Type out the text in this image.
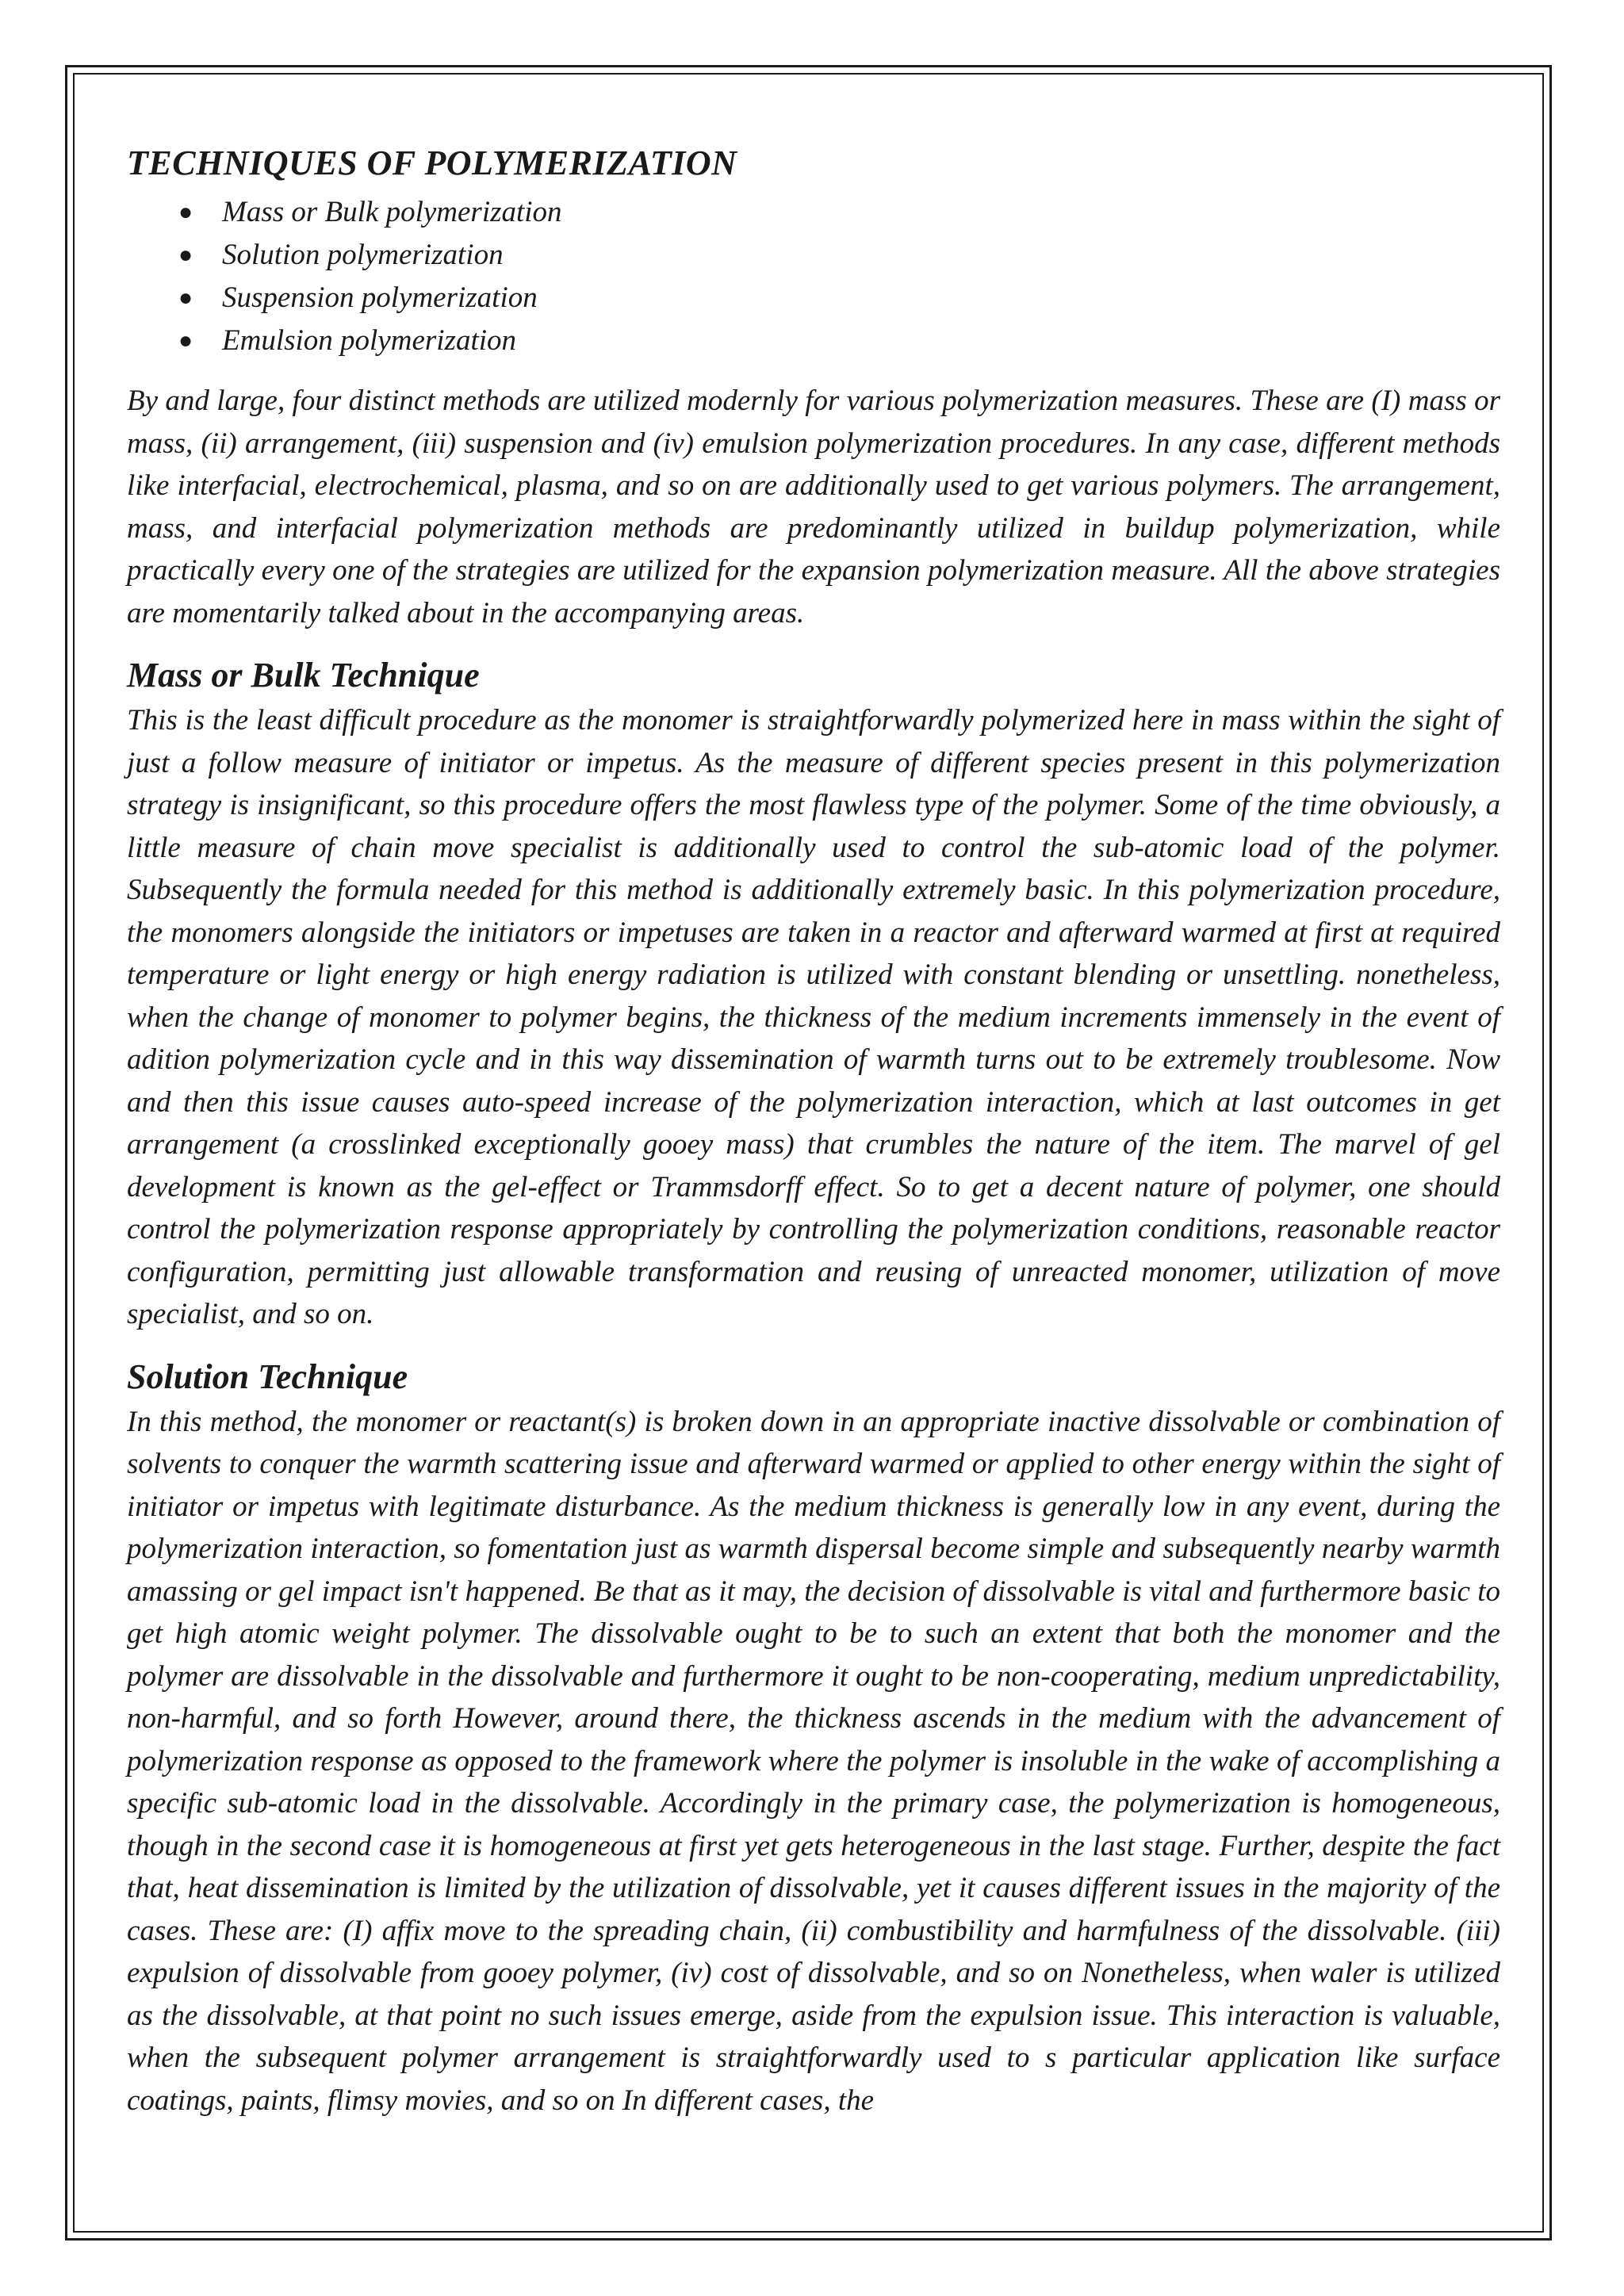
TECHNIQUES OF POLYMERIZATION
● Mass or Bulk polymerization
● Solution polymerization
● Suspension polymerization
● Emulsion polymerization

By and large, four distinct methods are utilized modernly for various polymerization measures. These are (I) mass or mass, (ii) arrangement, (iii) suspension and (iv) emulsion polymerization procedures. In any case, different methods like interfacial, electrochemical, plasma, and so on are additionally used to get various polymers. The arrangement, mass, and interfacial polymerization methods are predominantly utilized in buildup polymerization, while practically every one of the strategies are utilized for the expansion polymerization measure. All the above strategies are momentarily talked about in the accompanying areas.

Mass or Bulk Technique

This is the least difficult procedure as the monomer is straightforwardly polymerized here in mass within the sight of just a follow measure of initiator or impetus. As the measure of different species present in this polymerization strategy is insignificant, so this procedure offers the most flawless type of the polymer. Some of the time obviously, a little measure of chain move specialist is additionally used to control the sub-atomic load of the polymer. Subsequently the formula needed for this method is additionally extremely basic. In this polymerization procedure, the monomers alongside the initiators or impetuses are taken in a reactor and afterward warmed at first at required temperature or light energy or high energy radiation is utilized with constant blending or unsettling. nonetheless, when the change of monomer to polymer begins, the thickness of the medium increments immensely in the event of adition polymerization cycle and in this way dissemination of warmth turns out to be extremely troublesome. Now and then this issue causes auto-speed increase of the polymerization interaction, which at last outcomes in get arrangement (a crosslinked exceptionally gooey mass) that crumbles the nature of the item. The marvel of gel development is known as the gel-effect or Trammsdorff effect. So to get a decent nature of polymer, one should control the polymerization response appropriately by controlling the polymerization conditions, reasonable reactor configuration, permitting just allowable transformation and reusing of unreacted monomer, utilization of move specialist, and so on.

Solution Technique

In this method, the monomer or reactant(s) is broken down in an appropriate inactive dissolvable or combination of solvents to conquer the warmth scattering issue and afterward warmed or applied to other energy within the sight of initiator or impetus with legitimate disturbance. As the medium thickness is generally low in any event, during the polymerization interaction, so fomentation just as warmth dispersal become simple and subsequently nearby warmth amassing or gel impact isn't happened. Be that as it may, the decision of dissolvable is vital and furthermore basic to get high atomic weight polymer. The dissolvable ought to be to such an extent that both the monomer and the polymer are dissolvable in the dissolvable and furthermore it ought to be non-cooperating, medium unpredictability, non-harmful, and so forth However, around there, the thickness ascends in the medium with the advancement of polymerization response as opposed to the framework where the polymer is insoluble in the wake of accomplishing a specific sub-atomic load in the dissolvable. Accordingly in the primary case, the polymerization is homogeneous, though in the second case it is homogeneous at first yet gets heterogeneous in the last stage. Further, despite the fact that, heat dissemination is limited by the utilization of dissolvable, yet it causes different issues in the majority of the cases. These are: (I) affix move to the spreading chain, (ii) combustibility and harmfulness of the dissolvable. (iii) expulsion of dissolvable from gooey polymer, (iv) cost of dissolvable, and so on Nonetheless, when waler is utilized as the dissolvable, at that point no such issues emerge, aside from the expulsion issue. This interaction is valuable, when the subsequent polymer arrangement is straightforwardly used to s particular application like surface coatings, paints, flimsy movies, and so on In different cases, the
